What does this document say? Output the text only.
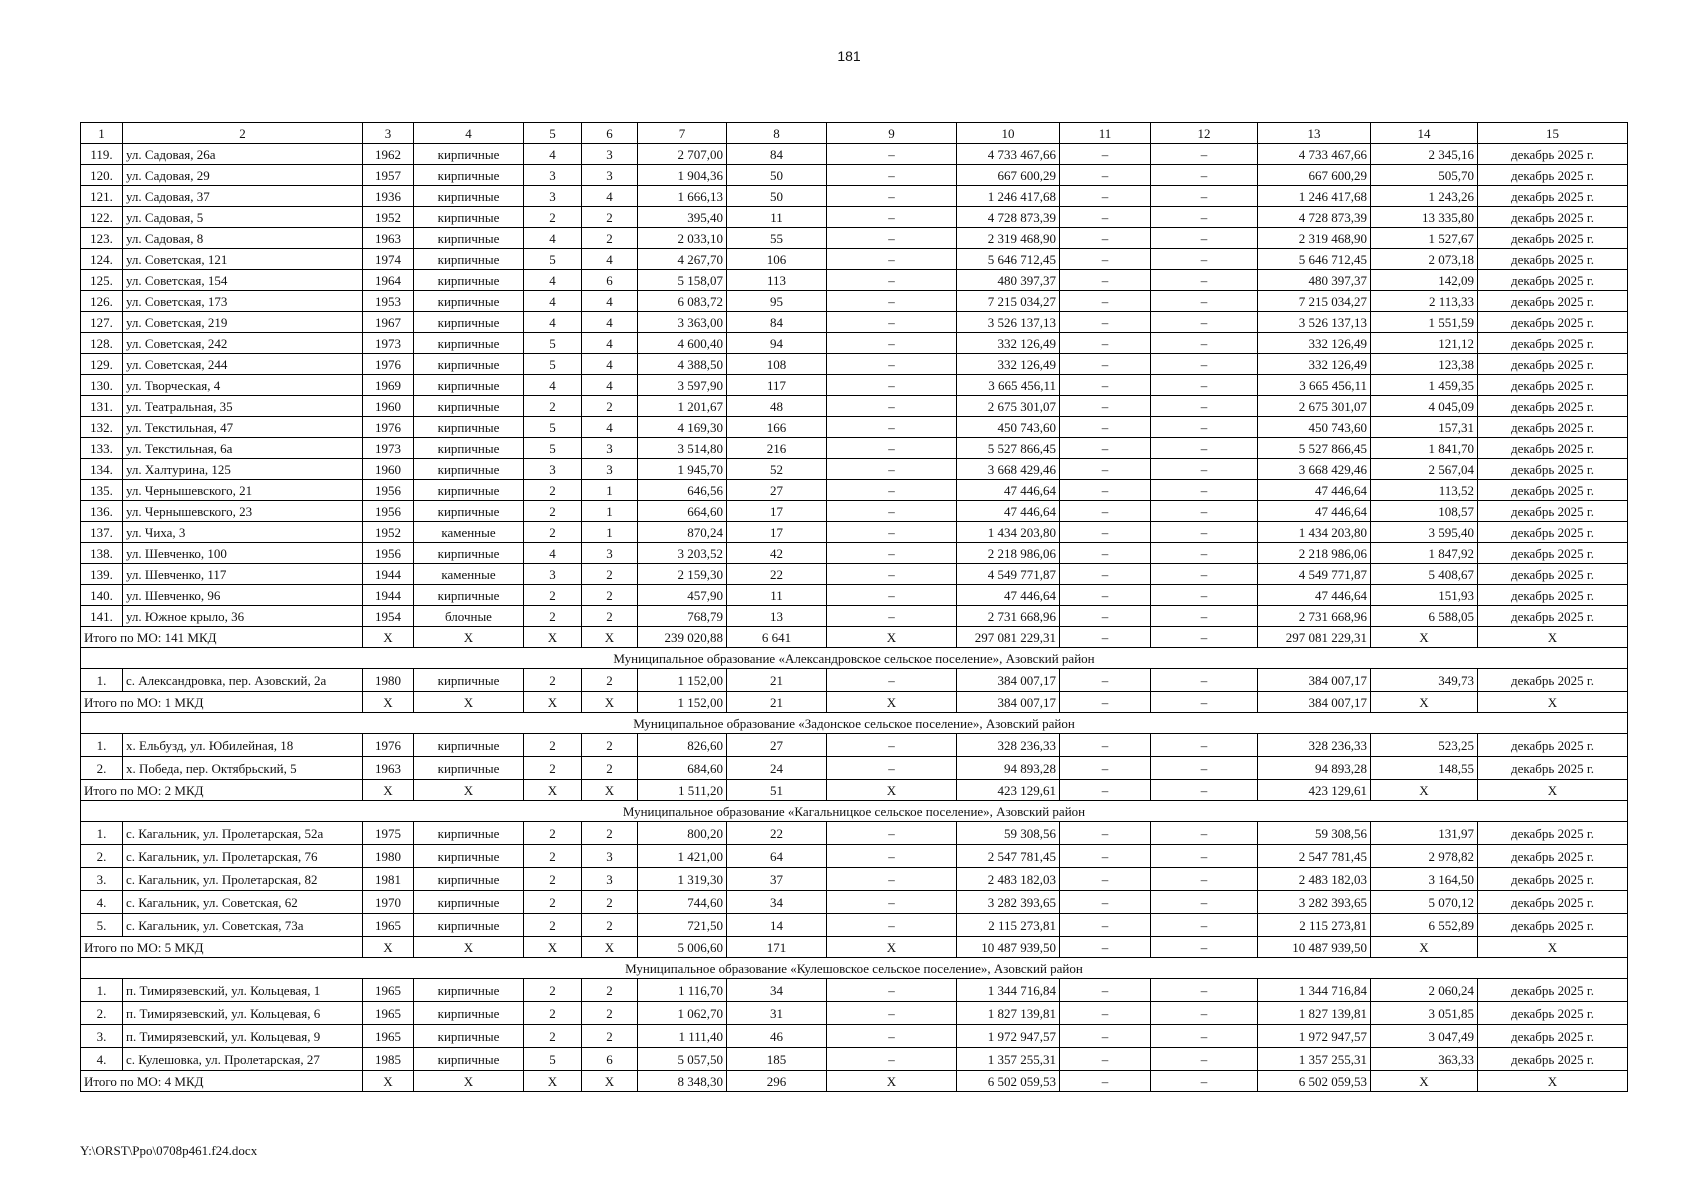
181
1	2	3	4	5	6	7	8	9	10	11	12	13	14	15
119.	ул. Садовая, 26а	1962	кирпичные	4	3	2 707,00	84	–	4 733 467,66	–	–	4 733 467,66	2 345,16	декабрь 2025 г.
120.	ул. Садовая, 29	1957	кирпичные	3	3	1 904,36	50	–	667 600,29	–	–	667 600,29	505,70	декабрь 2025 г.
121.	ул. Садовая, 37	1936	кирпичные	3	4	1 666,13	50	–	1 246 417,68	–	–	1 246 417,68	1 243,26	декабрь 2025 г.
122.	ул. Садовая, 5	1952	кирпичные	2	2	395,40	11	–	4 728 873,39	–	–	4 728 873,39	13 335,80	декабрь 2025 г.
123.	ул. Садовая, 8	1963	кирпичные	4	2	2 033,10	55	–	2 319 468,90	–	–	2 319 468,90	1 527,67	декабрь 2025 г.
124.	ул. Советская, 121	1974	кирпичные	5	4	4 267,70	106	–	5 646 712,45	–	–	5 646 712,45	2 073,18	декабрь 2025 г.
125.	ул. Советская, 154	1964	кирпичные	4	6	5 158,07	113	–	480 397,37	–	–	480 397,37	142,09	декабрь 2025 г.
126.	ул. Советская, 173	1953	кирпичные	4	4	6 083,72	95	–	7 215 034,27	–	–	7 215 034,27	2 113,33	декабрь 2025 г.
127.	ул. Советская, 219	1967	кирпичные	4	4	3 363,00	84	–	3 526 137,13	–	–	3 526 137,13	1 551,59	декабрь 2025 г.
128.	ул. Советская, 242	1973	кирпичные	5	4	4 600,40	94	–	332 126,49	–	–	332 126,49	121,12	декабрь 2025 г.
129.	ул. Советская, 244	1976	кирпичные	5	4	4 388,50	108	–	332 126,49	–	–	332 126,49	123,38	декабрь 2025 г.
130.	ул. Творческая, 4	1969	кирпичные	4	4	3 597,90	117	–	3 665 456,11	–	–	3 665 456,11	1 459,35	декабрь 2025 г.
131.	ул. Театральная, 35	1960	кирпичные	2	2	1 201,67	48	–	2 675 301,07	–	–	2 675 301,07	4 045,09	декабрь 2025 г.
132.	ул. Текстильная, 47	1976	кирпичные	5	4	4 169,30	166	–	450 743,60	–	–	450 743,60	157,31	декабрь 2025 г.
133.	ул. Текстильная, 6а	1973	кирпичные	5	3	3 514,80	216	–	5 527 866,45	–	–	5 527 866,45	1 841,70	декабрь 2025 г.
134.	ул. Халтурина, 125	1960	кирпичные	3	3	1 945,70	52	–	3 668 429,46	–	–	3 668 429,46	2 567,04	декабрь 2025 г.
135.	ул. Чернышевского, 21	1956	кирпичные	2	1	646,56	27	–	47 446,64	–	–	47 446,64	113,52	декабрь 2025 г.
136.	ул. Чернышевского, 23	1956	кирпичные	2	1	664,60	17	–	47 446,64	–	–	47 446,64	108,57	декабрь 2025 г.
137.	ул. Чиха, 3	1952	каменные	2	1	870,24	17	–	1 434 203,80	–	–	1 434 203,80	3 595,40	декабрь 2025 г.
138.	ул. Шевченко, 100	1956	кирпичные	4	3	3 203,52	42	–	2 218 986,06	–	–	2 218 986,06	1 847,92	декабрь 2025 г.
139.	ул. Шевченко, 117	1944	каменные	3	2	2 159,30	22	–	4 549 771,87	–	–	4 549 771,87	5 408,67	декабрь 2025 г.
140.	ул. Шевченко, 96	1944	кирпичные	2	2	457,90	11	–	47 446,64	–	–	47 446,64	151,93	декабрь 2025 г.
141.	ул. Южное крыло, 36	1954	блочные	2	2	768,79	13	–	2 731 668,96	–	–	2 731 668,96	6 588,05	декабрь 2025 г.
Итого по МО: 141 МКД		X	X	X	X	239 020,88	6 641	X	297 081 229,31	–	–	297 081 229,31	X	X
Муниципальное образование «Александровское сельское поселение», Азовский район														
1.	с. Александровка, пер. Азовский, 2а	1980	кирпичные	2	2	1 152,00	21	–	384 007,17	–	–	384 007,17	349,73	декабрь 2025 г.
Итого по МО: 1 МКД		X	X	X	X	1 152,00	21	X	384 007,17	–	–	384 007,17	X	X
Муниципальное образование «Задонское сельское поселение», Азовский район														
1.	х. Ельбузд, ул. Юбилейная, 18	1976	кирпичные	2	2	826,60	27	–	328 236,33	–	–	328 236,33	523,25	декабрь 2025 г.
2.	х. Победа, пер. Октябрьский, 5	1963	кирпичные	2	2	684,60	24	–	94 893,28	–	–	94 893,28	148,55	декабрь 2025 г.
Итого по МО: 2 МКД		X	X	X	X	1 511,20	51	X	423 129,61	–	–	423 129,61	X	X
Муниципальное образование «Кагальницкое сельское поселение», Азовский район														
1.	с. Кагальник, ул. Пролетарская, 52а	1975	кирпичные	2	2	800,20	22	–	59 308,56	–	–	59 308,56	131,97	декабрь 2025 г.
2.	с. Кагальник, ул. Пролетарская, 76	1980	кирпичные	2	3	1 421,00	64	–	2 547 781,45	–	–	2 547 781,45	2 978,82	декабрь 2025 г.
3.	с. Кагальник, ул. Пролетарская, 82	1981	кирпичные	2	3	1 319,30	37	–	2 483 182,03	–	–	2 483 182,03	3 164,50	декабрь 2025 г.
4.	с. Кагальник, ул. Советская, 62	1970	кирпичные	2	2	744,60	34	–	3 282 393,65	–	–	3 282 393,65	5 070,12	декабрь 2025 г.
5.	с. Кагальник, ул. Советская, 73а	1965	кирпичные	2	2	721,50	14	–	2 115 273,81	–	–	2 115 273,81	6 552,89	декабрь 2025 г.
Итого по МО: 5 МКД		X	X	X	X	5 006,60	171	X	10 487 939,50	–	–	10 487 939,50	X	X
Муниципальное образование «Кулешовское сельское поселение», Азовский район														
1.	п. Тимирязевский, ул. Кольцевая, 1	1965	кирпичные	2	2	1 116,70	34	–	1 344 716,84	–	–	1 344 716,84	2 060,24	декабрь 2025 г.
2.	п. Тимирязевский, ул. Кольцевая, 6	1965	кирпичные	2	2	1 062,70	31	–	1 827 139,81	–	–	1 827 139,81	3 051,85	декабрь 2025 г.
3.	п. Тимирязевский, ул. Кольцевая, 9	1965	кирпичные	2	2	1 111,40	46	–	1 972 947,57	–	–	1 972 947,57	3 047,49	декабрь 2025 г.
4.	с. Кулешовка, ул. Пролетарская, 27	1985	кирпичные	5	6	5 057,50	185	–	1 357 255,31	–	–	1 357 255,31	363,33	декабрь 2025 г.
Итого по МО: 4 МКД		X	X	X	X	8 348,30	296	X	6 502 059,53	–	–	6 502 059,53	X	X
Y:\ORST\Ppo\0708p461.f24.docx
